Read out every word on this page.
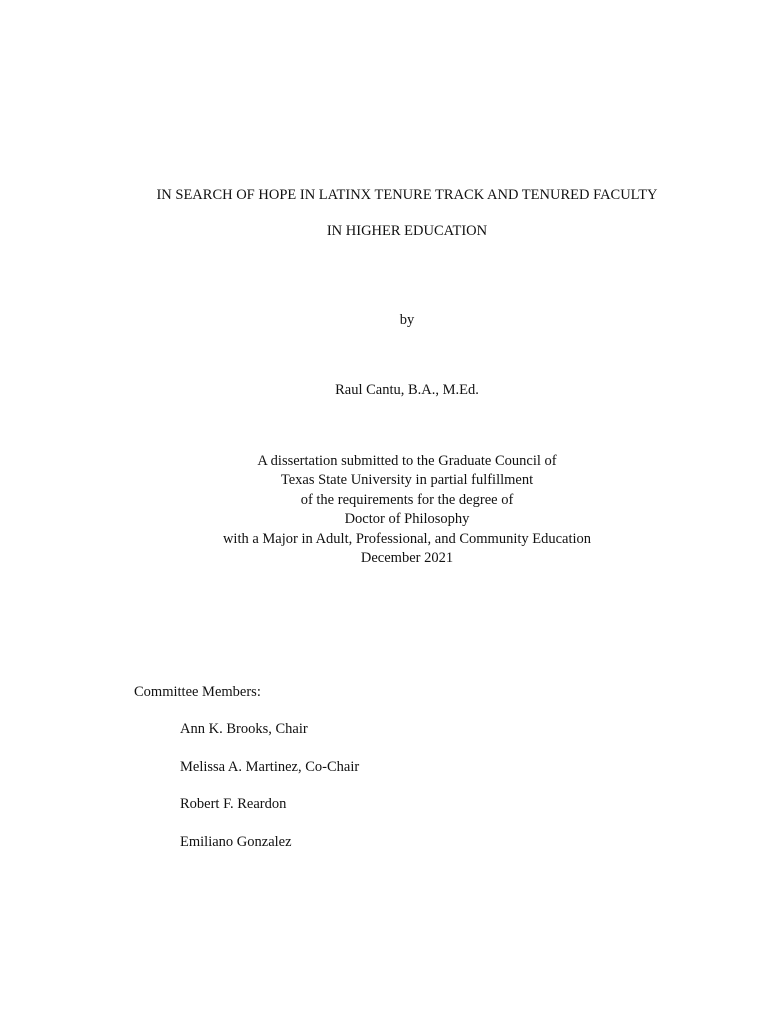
IN SEARCH OF HOPE IN LATINX TENURE TRACK AND TENURED FACULTY
IN HIGHER EDUCATION
by
Raul Cantu, B.A., M.Ed.
A dissertation submitted to the Graduate Council of
Texas State University in partial fulfillment
of the requirements for the degree of
Doctor of Philosophy
with a Major in Adult, Professional, and Community Education
December 2021
Committee Members:
Ann K. Brooks, Chair
Melissa A. Martinez, Co-Chair
Robert F. Reardon
Emiliano Gonzalez
